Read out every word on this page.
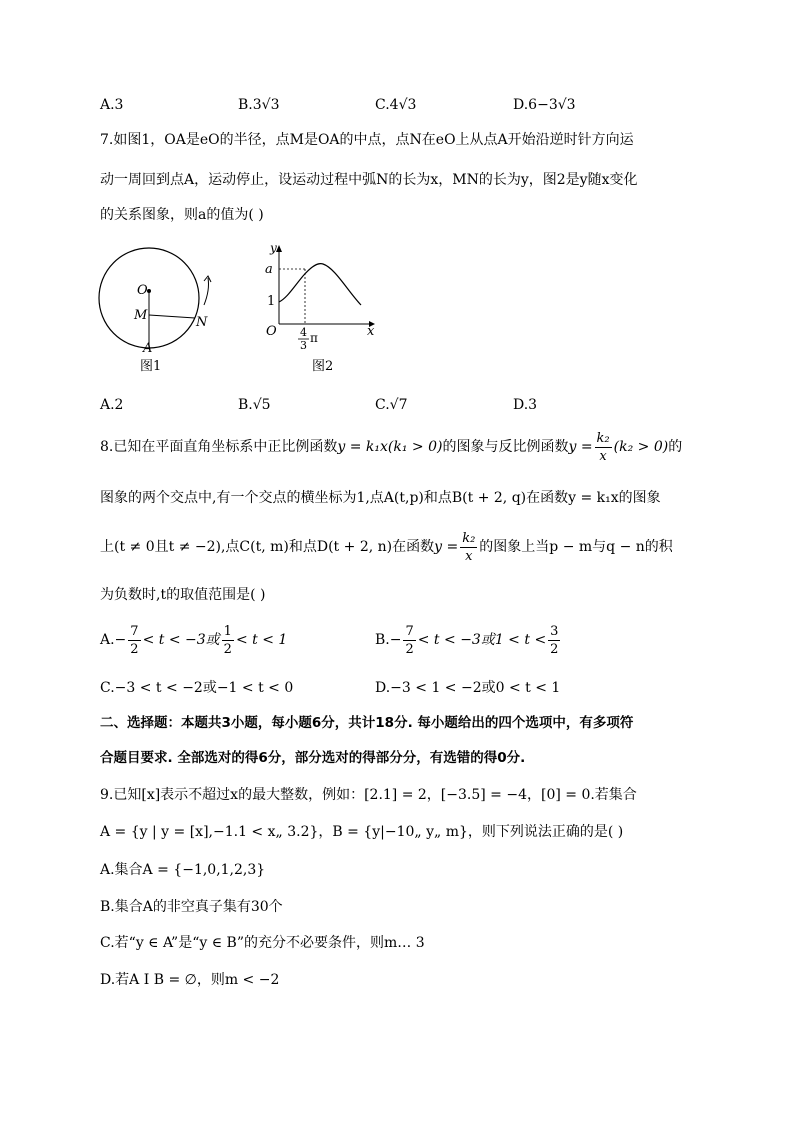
A.3	B.3√3	C.4√3	D.6−3√3
7.如图1，OA是eO的半径，点M是OA的中点，点N在eO上从点A开始沿逆时针方向运
动一周回到点A，运动停止，设运动过程中弧N的长为x，MN的长为y，图2是y随x变化
的关系图象，则a的值为( )
O
M	N
A
图1
y
a
1
O	x
4
3
π
图2
A.2	B.√5	C.√7	D.3
8.已知在平面直角坐标系中正比例函数y = k₁x(k₁ > 0)的图象与反比例函数$y = \frac{\text{k₂}}{x} (k_2 > 0)$的
图象的两个交点中,有一个交点的横坐标为1,点A(t,p)和点B(t + 2, q)在函数y = k₁x的图象
上(t ≠ 0且t ≠ −2),点C(t, m)和点D(t + 2, n)在函数$y = \frac{\text{k₂}}{x}$ 的图象上当p − m与q − n的积
为负数时,t的取值范围是( )
$A.- \frac{7}{2} < t < -3$或 $\frac{1}{2} < t < 1$	$B.- \frac{7}{2} < t < -3$或$1 < t < \frac{3}{2}$
C.−3 < t < −2或−1 < t < 0	D.−3 < 1 < −2或0 < t < 1
二、选择题：本题共3小题，每小题6分，共计18分. 每小题给出的四个选项中，有多项符
合题目要求. 全部选对的得6分，部分选对的得部分分，有选错的得0分.
9.已知[x]表示不超过x的最大整数，例如：[2.1] = 2，[−3.5] = −4，[0] = 0.若集合
A = {y | y = [x],−1.1 < x„ 3.2}，B = {y|−10„ y„ m}，则下列说法正确的是( )
A.集合A = {−1,0,1,2,3}
B.集合A的非空真子集有30个
C.若“y ∈ A”是“y ∈ B”的充分不必要条件，则m… 3
D.若A I B = ∅，则m < −2
